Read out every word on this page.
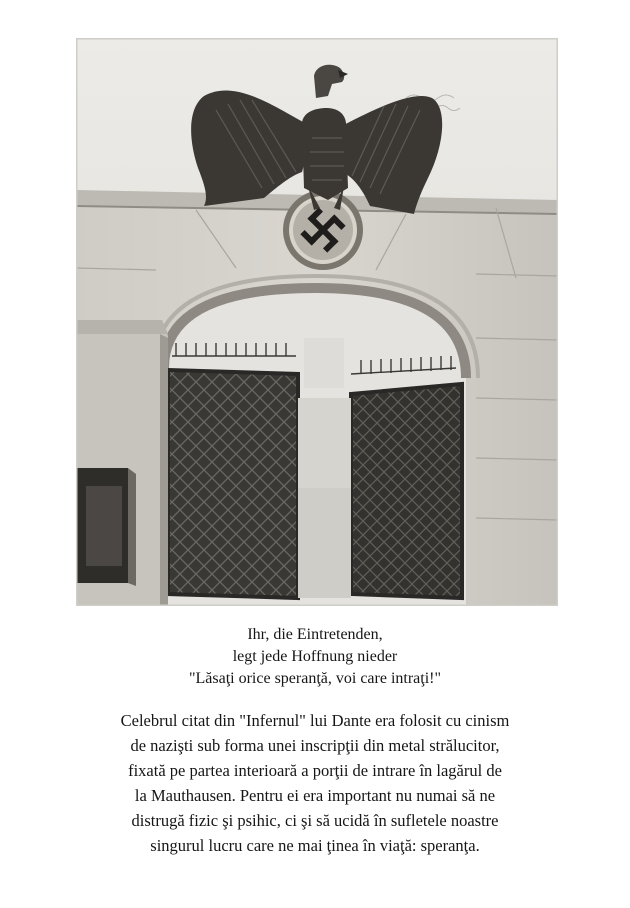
Ihr, die Eintretenden,

legt jede Hoffnung nieder

"Lăsaţi orice speranţă, voi care intraţi!"

Celebrul citat din "Infernul" lui Dante era folosit cu cinism

de nazişti sub forma unei inscripţii din metal strălucitor,

fixată pe partea interioară a porţii de intrare în lagărul de

la Mauthausen. Pentru ei era important nu numai să ne

distrugă fizic şi psihic, ci şi să ucidă în sufletele noastre

singurul lucru care ne mai ţinea în viaţă: speranţa.
